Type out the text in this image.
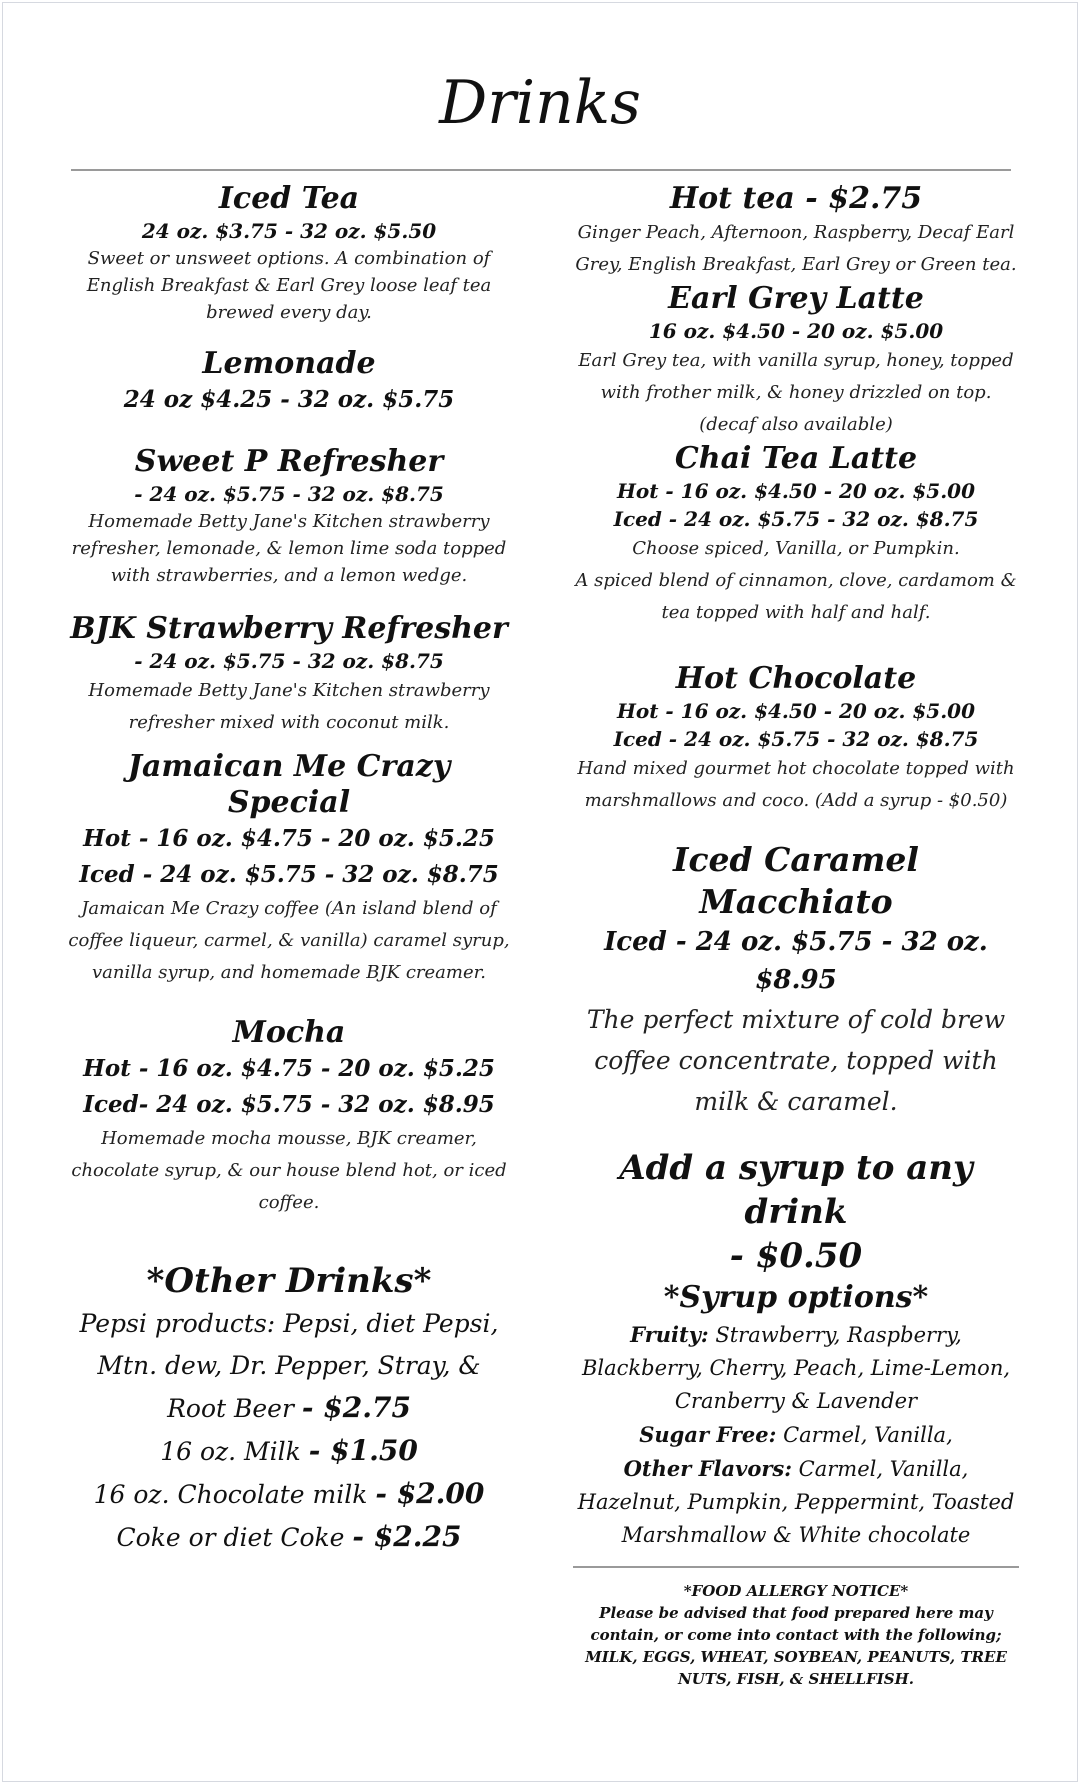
Drinks
Iced Tea
24 oz. $3.75 - 32 oz. $5.50
Sweet or unsweet options. A combination of English Breakfast & Earl Grey loose leaf tea brewed every day.
Lemonade
24 oz $4.25 - 32 oz. $5.75
Sweet P Refresher
- 24 oz. $5.75 - 32 oz. $8.75
Homemade Betty Jane's Kitchen strawberry refresher, lemonade, & lemon lime soda topped with strawberries, and a lemon wedge.
BJK Strawberry Refresher
- 24 oz. $5.75 - 32 oz. $8.75
Homemade Betty Jane's Kitchen strawberry refresher mixed with coconut milk.
Jamaican Me Crazy Special
Hot - 16 oz. $4.75 - 20 oz. $5.25
Iced - 24 oz. $5.75 - 32 oz. $8.75
Jamaican Me Crazy coffee (An island blend of coffee liqueur, carmel, & vanilla) caramel syrup, vanilla syrup, and homemade BJK creamer.
Mocha
Hot - 16 oz. $4.75 - 20 oz. $5.25
Iced- 24 oz. $5.75 - 32 oz. $8.95
Homemade mocha mousse, BJK creamer, chocolate syrup, & our house blend hot, or iced coffee.
*Other Drinks*
Pepsi products: Pepsi, diet Pepsi, Mtn. dew, Dr. Pepper, Stray, & Root Beer - $2.75
16 oz. Milk - $1.50
16 oz. Chocolate milk - $2.00
Coke or diet Coke - $2.25
Hot tea - $2.75
Ginger Peach, Afternoon, Raspberry, Decaf Earl Grey, English Breakfast, Earl Grey or Green tea.
Earl Grey Latte
16 oz. $4.50 - 20 oz. $5.00
Earl Grey tea, with vanilla syrup, honey, topped with frother milk, & honey drizzled on top.(decaf also available)
Chai Tea Latte
Hot - 16 oz. $4.50 - 20 oz. $5.00
Iced - 24 oz. $5.75 - 32 oz. $8.75
Choose spiced, Vanilla, or Pumpkin.
A spiced blend of cinnamon, clove, cardamom & tea topped with half and half.
Hot Chocolate
Hot - 16 oz. $4.50 - 20 oz. $5.00
Iced - 24 oz. $5.75 - 32 oz. $8.75
Hand mixed gourmet hot chocolate topped with marshmallows and coco. (Add a syrup - $0.50)
Iced Caramel Macchiato
Iced - 24 oz. $5.75 - 32 oz. $8.95
The perfect mixture of cold brew coffee concentrate, topped with milk & caramel.
Add a syrup to any drink
- $0.50
*Syrup options*
Fruity: Strawberry, Raspberry, Blackberry, Cherry, Peach, Lime-Lemon, Cranberry & Lavender
Sugar Free: Carmel, Vanilla,
Other Flavors: Carmel, Vanilla, Hazelnut, Pumpkin, Peppermint, Toasted Marshmallow & White chocolate
*FOOD ALLERGY NOTICE*
Please be advised that food prepared here may contain, or come into contact with the following; MILK, EGGS, WHEAT, SOYBEAN, PEANUTS, TREE NUTS, FISH, & SHELLFISH.
